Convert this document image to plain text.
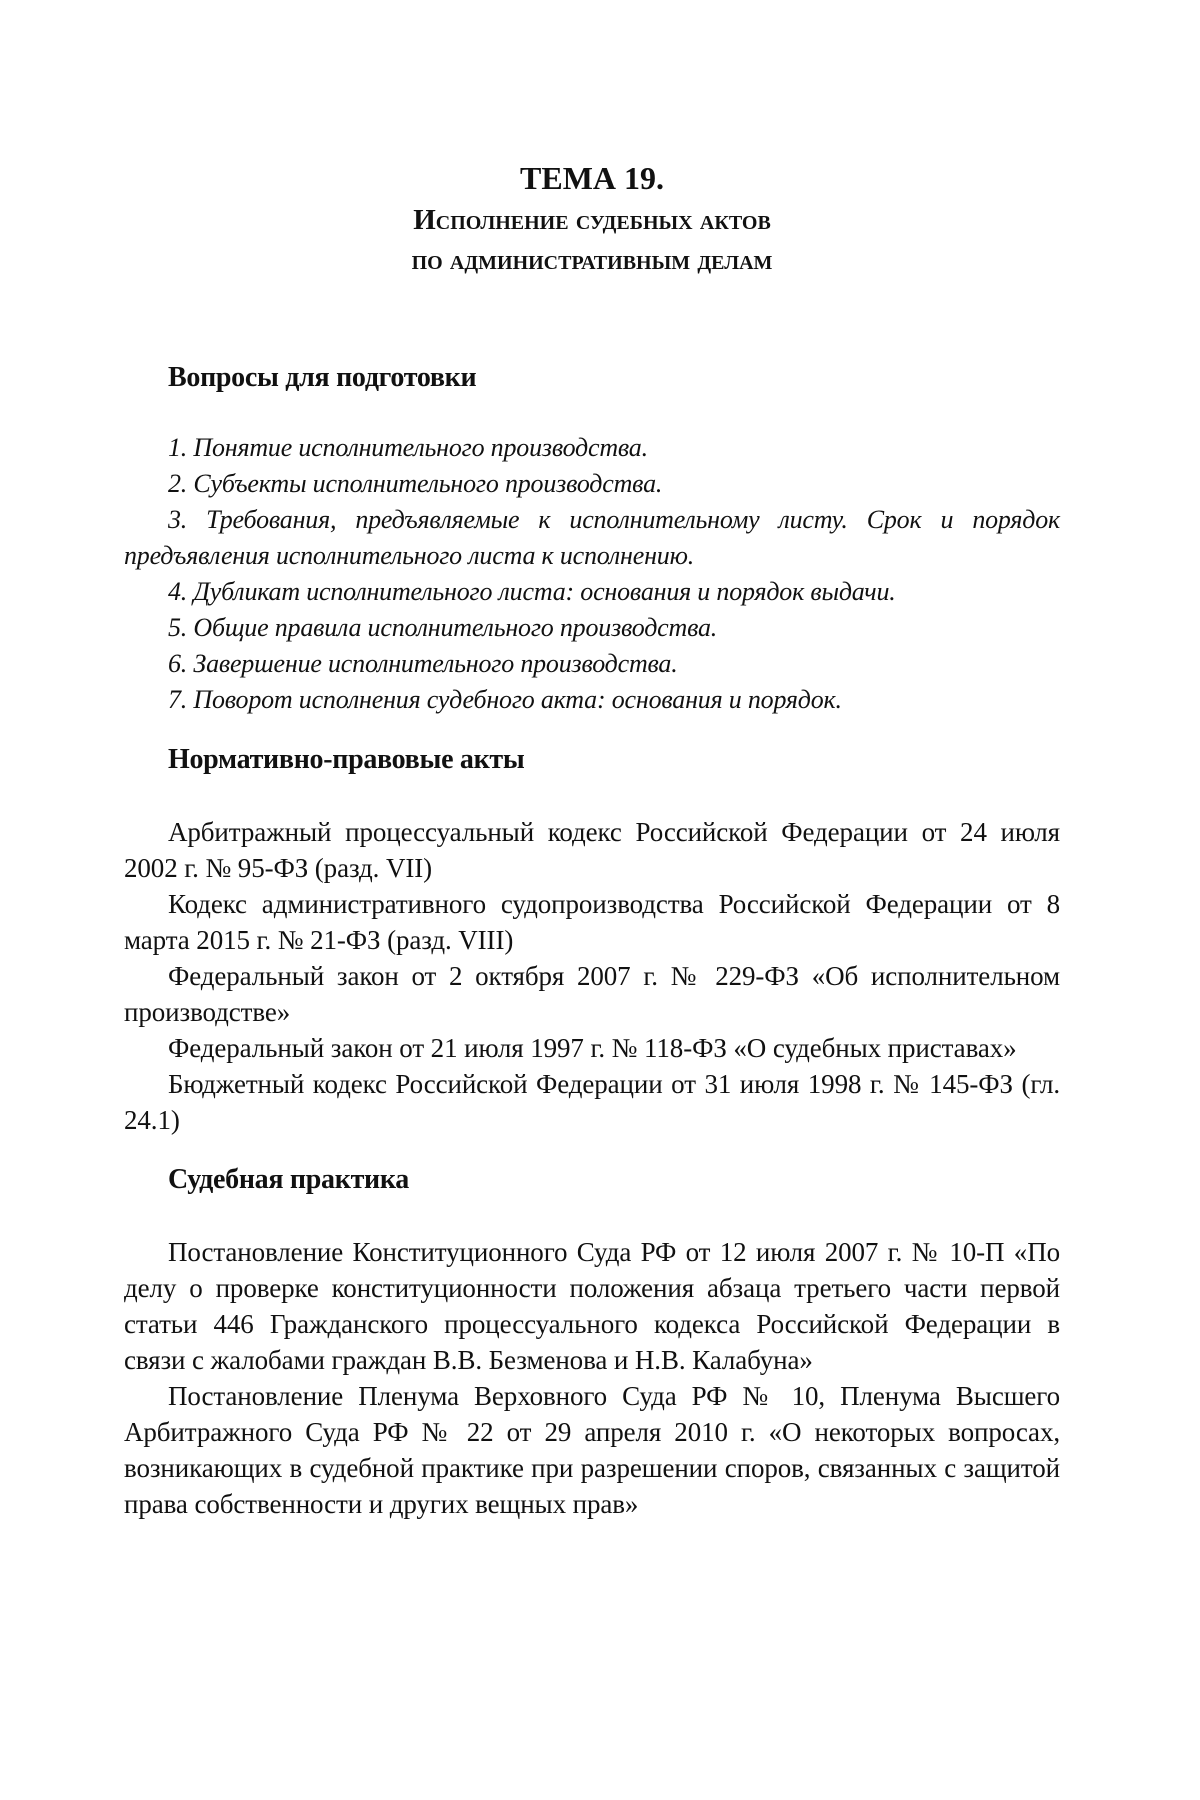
ТЕМА 19.
Исполнение судебных актов
по административным делам
Вопросы для подготовки
1. Понятие исполнительного производства.
2. Субъекты исполнительного производства.
3. Требования, предъявляемые к исполнительному листу. Срок и порядок предъявления исполнительного листа к исполнению.
4. Дубликат исполнительного листа: основания и порядок выдачи.
5. Общие правила исполнительного производства.
6. Завершение исполнительного производства.
7. Поворот исполнения судебного акта: основания и порядок.
Нормативно-правовые акты

Арбитражный процессуальный кодекс Российской Федерации от 24 июля 2002 г. № 95-ФЗ (разд. VII)

Кодекс административного судопроизводства Российской Федерации от 8 марта 2015 г. № 21-ФЗ (разд. VIII)

Федеральный закон от 2 октября 2007 г. № 229-ФЗ «Об исполнительном производстве»

Федеральный закон от 21 июля 1997 г. № 118-ФЗ «О судебных приставах»

Бюджетный кодекс Российской Федерации от 31 июля 1998 г. № 145-ФЗ (гл. 24.1)

Судебная практика

Постановление Конституционного Суда РФ от 12 июля 2007 г. № 10-П «По делу о проверке конституционности положения абзаца третьего части первой статьи 446 Гражданского процессуального кодекса Российской Федерации в связи с жалобами граждан В.В. Безменова и Н.В. Калабуна»

Постановление Пленума Верховного Суда РФ № 10, Пленума Высшего Арбитражного Суда РФ № 22 от 29 апреля 2010 г. «О некоторых вопросах, возникающих в судебной практике при разрешении споров, связанных с защитой права собственности и других вещных прав»
